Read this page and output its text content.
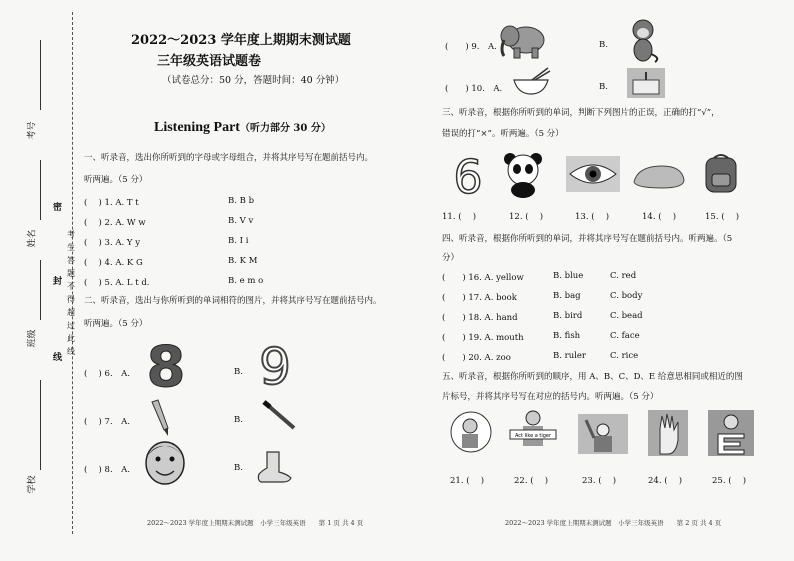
考号
姓名
班级
学校
密
封
线
考生答题不得超过此线
2022～2023 学年度上期期末测试题
三年级英语试题卷
（试卷总分：50 分，答题时间：40 分钟）
Listening Part（听力部分 30 分）
一、听录音，选出你所听到的字母或字母组合，并将其序号写在题前括号内。
听两遍。（5 分）
(　 ) 1. A. T t	B. B b
(　 ) 2. A. W w	B. V v
(　 ) 3. A. Y y	B. I i
(　 ) 4. A. K G	B. K M
(　 ) 5. A. L t d.	B. e m o
二、听录音，选出与你所听到的单词相符的图片，并将其序号写在题前括号内。
听两遍。（5 分）
(　 ) 6.　A.	B.
(　 ) 7.　A.	B.
(　 ) 8.　A.	B.
8 9
2022～2023 学年度上期期末测试题　小学三年级英语　　第 1 页 共 4 页	2022～2023 学年度上期期末测试题　小学三年级英语　　第 2 页 共 4 页
(　　) 9.　A.	B.
(　　) 10.　A.	B.
三、听录音，根据你所听到的单词，判断下列图片的正误，正确的打“√”，
错误的打“×”。听两遍。（5 分）
6
11. (　 )	12. (　 )	13. (　 )	14. (　 )	15. (　 )
四、听录音，根据你所听到的单词，并将其序号写在题前括号内。听两遍。（5
分）
(　　) 16. A. yellow	B. blue	C. red
(　　) 17. A. book	B. bag	C. body
(　　) 18. A. hand	B. bird	C. bead
(　　) 19. A. mouth	B. fish	C. face
(　　) 20. A. zoo	B. ruler	C. rice
五、听录音，根据你所听到的顺序，用 A、B、C、D、E 给意思相同或相近的图
片标号，并将其序号写在对应的括号内。听两遍。（5 分）
Act like a tiger
21. (　 )	22. (　 )	23. (　 )	24. (　 )	25. (　 )
